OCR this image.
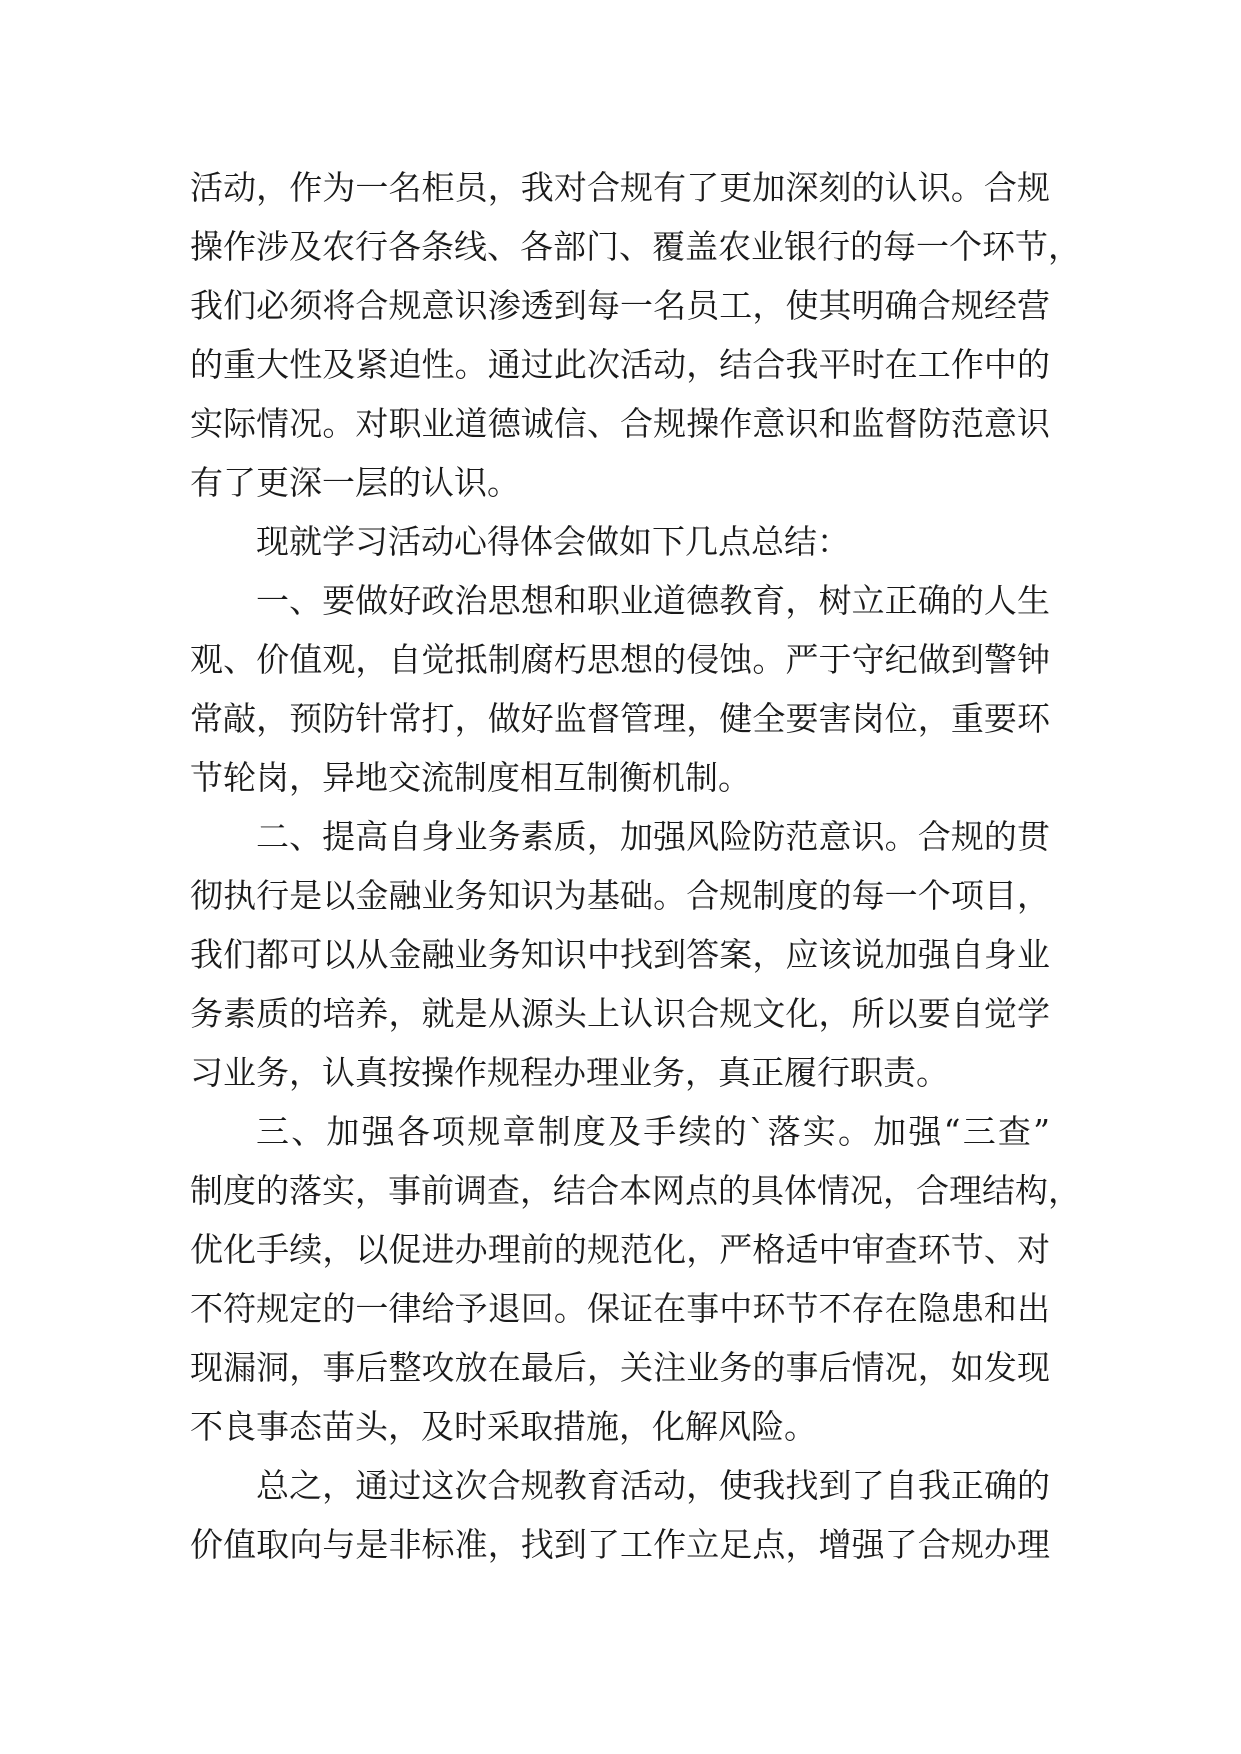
活动，作为一名柜员，我对合规有了更加深刻的认识。合规
操作涉及农行各条线、各部门、覆盖农业银行的每一个环节，
我们必须将合规意识渗透到每一名员工，使其明确合规经营
的重大性及紧迫性。通过此次活动，结合我平时在工作中的
实际情况。对职业道德诚信、合规操作意识和监督防范意识
有了更深一层的认识。
现就学习活动心得体会做如下几点总结：
一、要做好政治思想和职业道德教育，树立正确的人生
观、价值观，自觉抵制腐朽思想的侵蚀。严于守纪做到警钟
常敲，预防针常打，做好监督管理，健全要害岗位，重要环
节轮岗，异地交流制度相互制衡机制。
二、提高自身业务素质，加强风险防范意识。合规的贯
彻执行是以金融业务知识为基础。合规制度的每一个项目，
我们都可以从金融业务知识中找到答案，应该说加强自身业
务素质的培养，就是从源头上认识合规文化，所以要自觉学
习业务，认真按操作规程办理业务，真正履行职责。
三、加强各项规章制度及手续的`落实。加强“三查”
制度的落实，事前调查，结合本网点的具体情况，合理结构，
优化手续，以促进办理前的规范化，严格适中审查环节、对
不符规定的一律给予退回。保证在事中环节不存在隐患和出
现漏洞，事后整攻放在最后，关注业务的事后情况，如发现
不良事态苗头，及时采取措施，化解风险。
总之，通过这次合规教育活动，使我找到了自我正确的
价值取向与是非标准，找到了工作立足点，增强了合规办理
